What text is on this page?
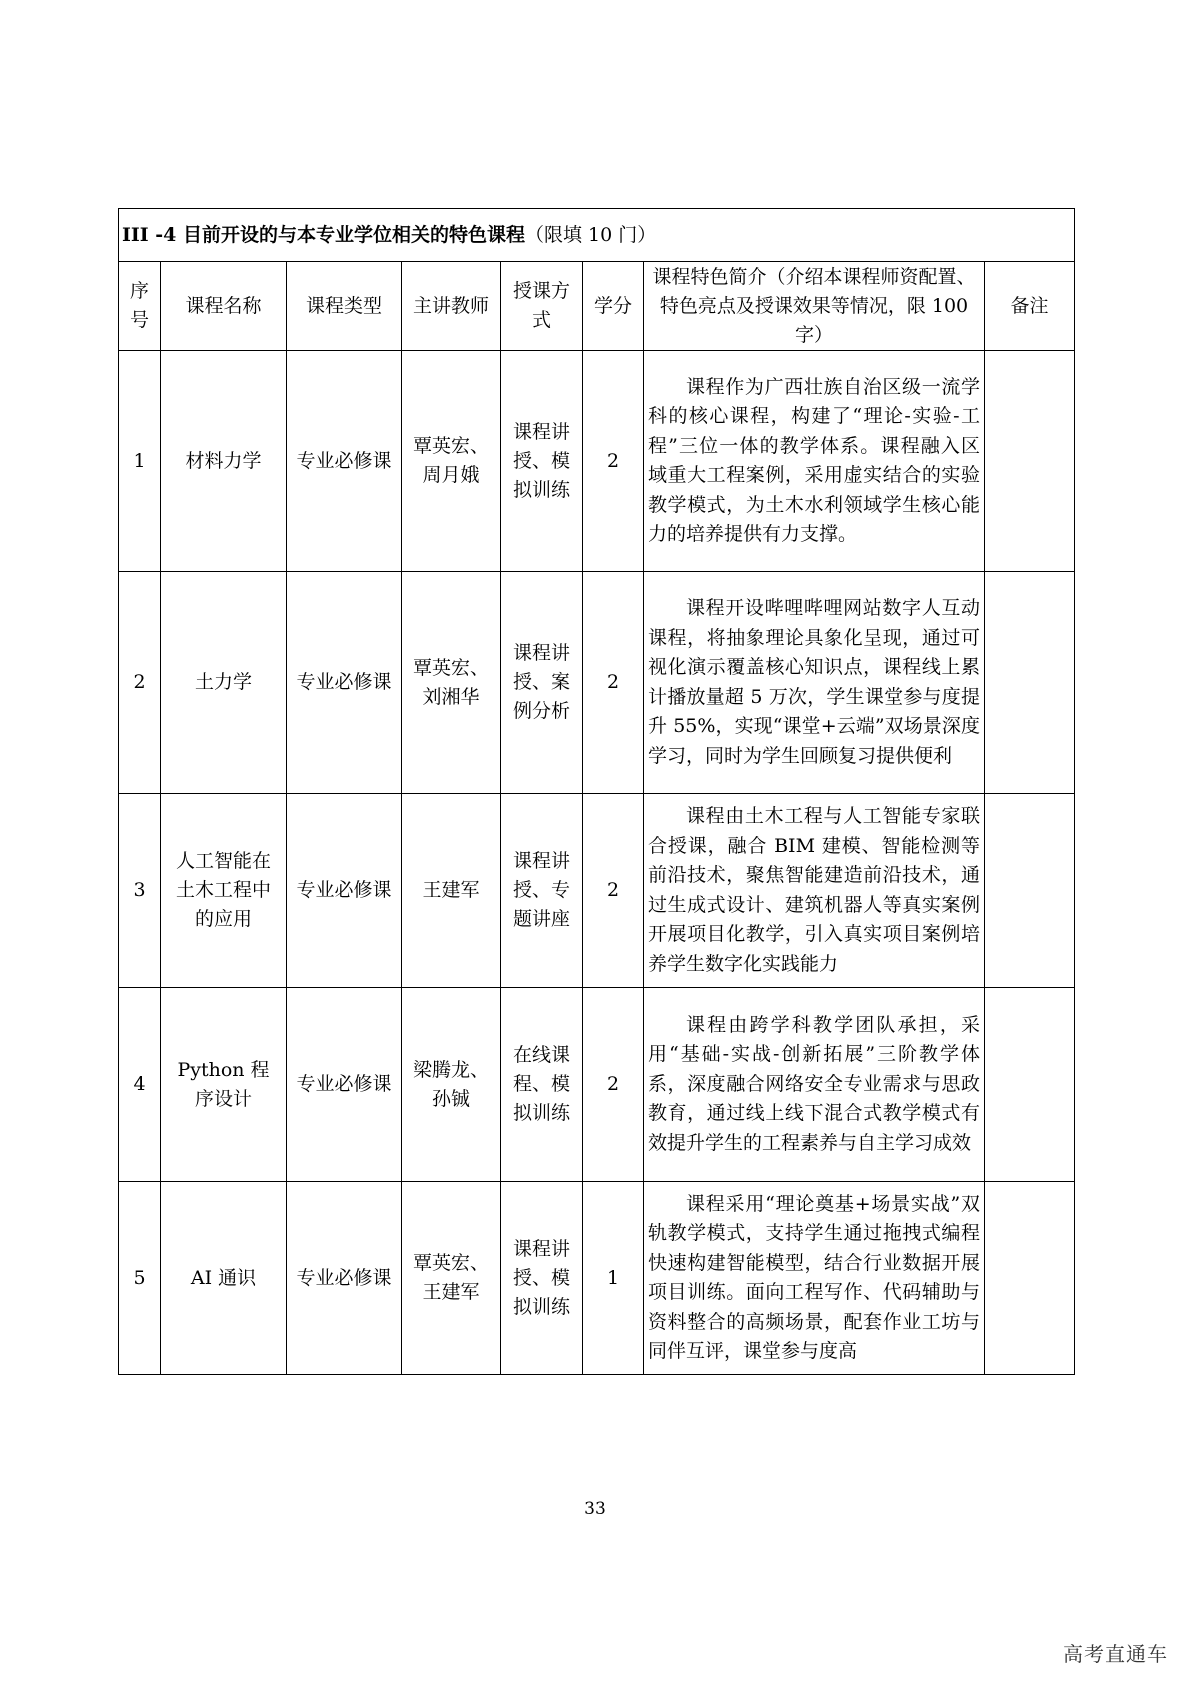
III -4 目前开设的与本专业学位相关的特色课程（限填 10 门）							
序号	课程名称	课程类型	主讲教师	授课方式	学分	课程特色简介（介绍本课程师资配置、特色亮点及授课效果等情况，限 100 字）	备注
1	材料力学	专业必修课	覃英宏、周月娥	课程讲授、模拟训练	2	课程作为广西壮族自治区级一流学科的核心课程，构建了“理论-实验-工程”三位一体的教学体系。课程融入区域重大工程案例，采用虚实结合的实验教学模式，为土木水利领域学生核心能力的培养提供有力支撑。	

2	土力学	专业必修课	覃英宏、刘湘华	课程讲授、案例分析	2	课程开设哔哩哔哩网站数字人互动课程，将抽象理论具象化呈现，通过可视化演示覆盖核心知识点，课程线上累计播放量超 5 万次，学生课堂参与度提升 55%，实现“课堂+云端”双场景深度学习，同时为学生回顾复习提供便利	

3	人工智能在土木工程中的应用	专业必修课	王建军	课程讲授、专题讲座	2	课程由土木工程与人工智能专家联合授课，融合 BIM 建模、智能检测等前沿技术，聚焦智能建造前沿技术，通过生成式设计、建筑机器人等真实案例开展项目化教学，引入真实项目案例培养学生数字化实践能力	

4	Python 程序设计	专业必修课	梁腾龙、孙铖	在线课程、模拟训练	2	课程由跨学科教学团队承担，采用“基础-实战-创新拓展”三阶教学体系，深度融合网络安全专业需求与思政教育，通过线上线下混合式教学模式有效提升学生的工程素养与自主学习成效	

5	AI 通识	专业必修课	覃英宏、王建军	课程讲授、模拟训练	1	课程采用“理论奠基+场景实战”双轨教学模式，支持学生通过拖拽式编程快速构建智能模型，结合行业数据开展项目训练。面向工程写作、代码辅助与资料整合的高频场景，配套作业工坊与同伴互评，课堂参与度高	

33
高考直通车
